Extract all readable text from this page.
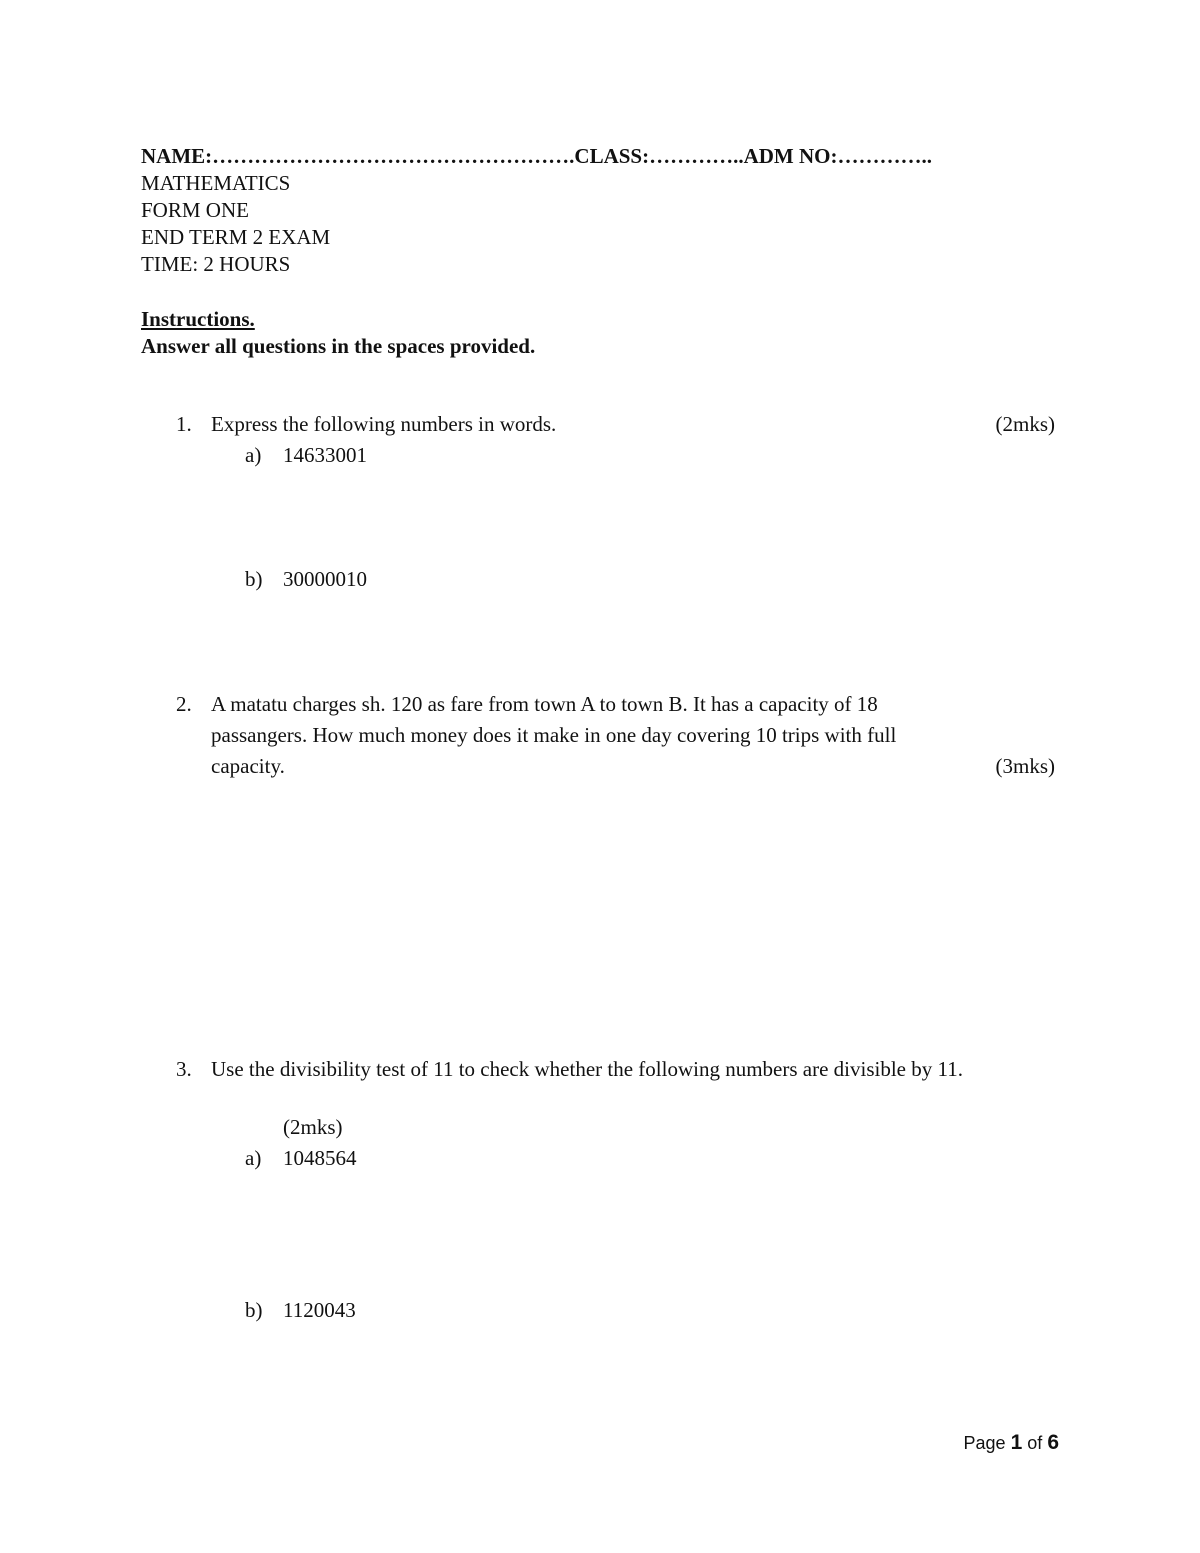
NAME:…………………………………………….CLASS:…………..ADM NO:…………..
MATHEMATICS
FORM ONE
END TERM 2 EXAM
TIME: 2 HOURS
Instructions.
Answer all questions in the spaces provided.
1. Express the following numbers in words.	(2mks)
a) 14633001
b) 30000010
2. A matatu charges sh. 120 as fare from town A to town B. It has a capacity of 18
passangers. How much money does it make in one day covering 10 trips with full
capacity.	(3mks)
3. Use the divisibility test of 11 to check whether the following numbers are divisible by 11.
(2mks)
a) 1048564
b) 1120043
Page 1 of 6
